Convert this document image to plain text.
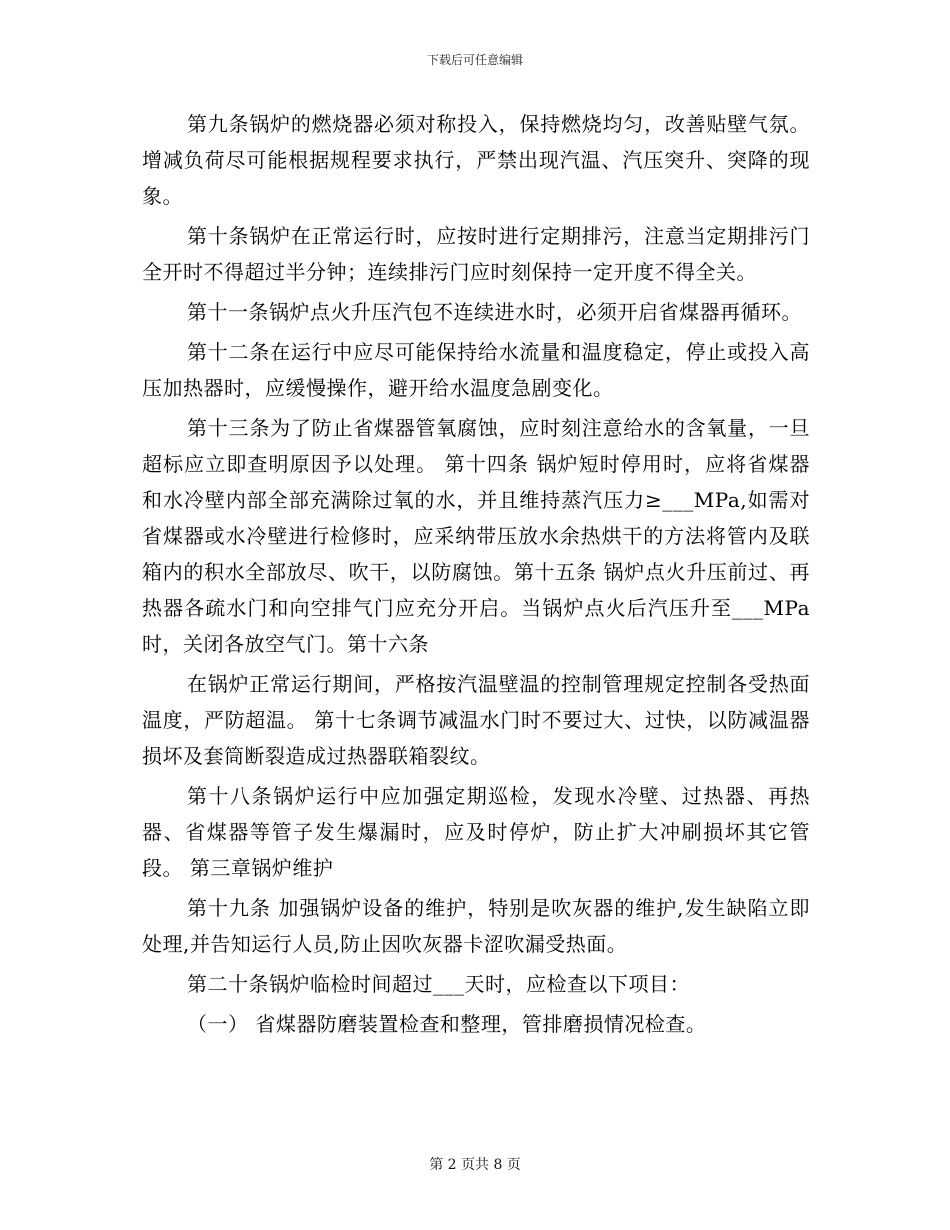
下载后可任意编辑

第九条锅炉的燃烧器必须对称投入，保持燃烧均匀，改善贴壁气氛。增减负荷尽可能根据规程要求执行，严禁出现汽温、汽压突升、突降的现象。

第十条锅炉在正常运行时，应按时进行定期排污，注意当定期排污门全开时不得超过半分钟；连续排污门应时刻保持一定开度不得全关。

第十一条锅炉点火升压汽包不连续进水时，必须开启省煤器再循环。

第十二条在运行中应尽可能保持给水流量和温度稳定，停止或投入高压加热器时，应缓慢操作，避开给水温度急剧变化。

第十三条为了防止省煤器管氧腐蚀，应时刻注意给水的含氧量，一旦超标应立即查明原因予以处理。 第十四条 锅炉短时停用时，应将省煤器和水冷壁内部全部充满除过氧的水，并且维持蒸汽压力≥___MPa,如需对省煤器或水冷壁进行检修时，应采纳带压放水余热烘干的方法将管内及联箱内的积水全部放尽、吹干，以防腐蚀。第十五条 锅炉点火升压前过、再热器各疏水门和向空排气门应充分开启。当锅炉点火后汽压升至___MPa时，关闭各放空气门。第十六条

在锅炉正常运行期间，严格按汽温壁温的控制管理规定控制各受热面温度，严防超温。 第十七条调节减温水门时不要过大、过快，以防减温器损坏及套筒断裂造成过热器联箱裂纹。

第十八条锅炉运行中应加强定期巡检，发现水冷壁、过热器、再热器、省煤器等管子发生爆漏时，应及时停炉，防止扩大冲刷损坏其它管段。 第三章锅炉维护

第十九条 加强锅炉设备的维护，特别是吹灰器的维护,发生缺陷立即处理,并告知运行人员,防止因吹灰器卡涩吹漏受热面。

第二十条锅炉临检时间超过___天时，应检查以下项目：

（一） 省煤器防磨装置检查和整理，管排磨损情况检查。

第 2 页共 8 页
